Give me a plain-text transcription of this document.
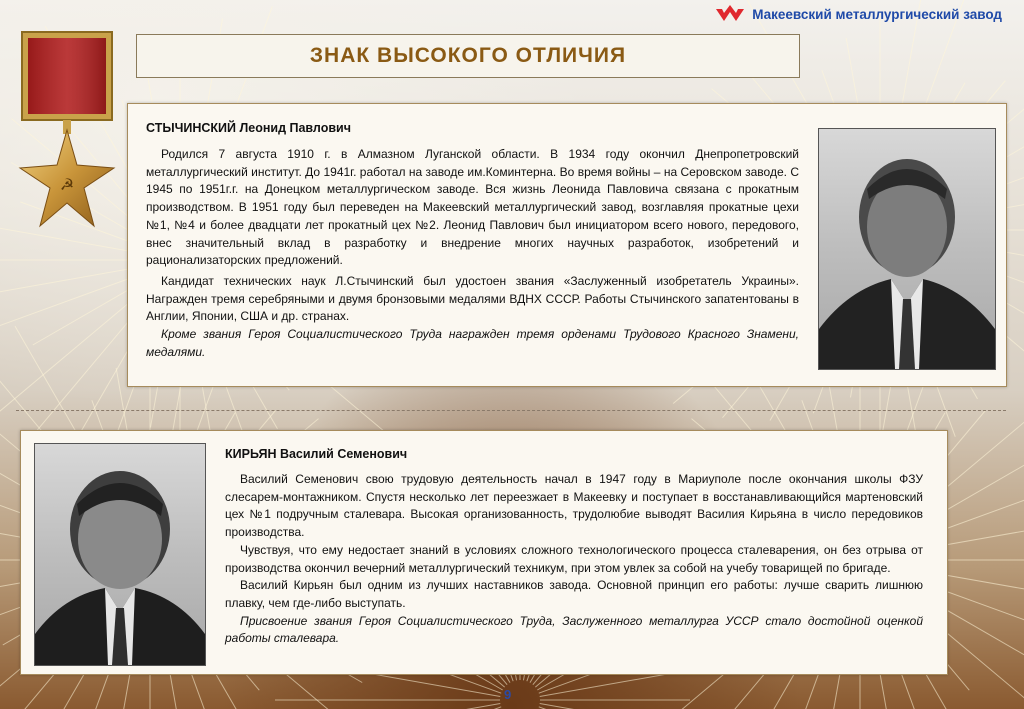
Макеевский металлургический завод
☭
ЗНАК ВЫСОКОГО ОТЛИЧИЯ
СТЫЧИНСКИЙ Леонид Павлович

Родился 7 августа 1910 г. в Алмазном Луганской области. В 1934 году окончил Днепропетровский металлургический институт. До 1941г. работал на заводе им.Коминтерна. Во время войны – на Серовском заводе. С 1945 по 1951г.г. на Донецком металлургическом заводе. Вся жизнь Леонида Павловича связана с прокатным производством. В 1951 году был переведен на Макеевский металлургический завод, возглавляя прокатные цехи №1, №4 и более двадцати лет прокатный цех №2. Леонид Павлович был инициатором всего нового, передового, внес значительный вклад в разработку и внедрение многих научных разработок, изобретений и рационализаторских предложений.

Кандидат технических наук Л.Стычинский был удостоен звания «Заслуженный изобретатель Украины». Награжден тремя серебряными и двумя бронзовыми медалями ВДНХ СССР. Работы Стычинского запатентованы в Англии, Японии, США и др. странах.

Кроме звания Героя Социалистического Труда награжден тремя орденами Трудового Красного Знамени, медалями.

КИРЬЯН Василий Семенович

Василий Семенович свою трудовую деятельность начал в 1947 году в Мариуполе после окончания школы ФЗУ слесарем-монтажником. Спустя несколько лет переезжает в Макеевку и поступает в восстанавливающийся мартеновский цех №1 подручным сталевара. Высокая организованность, трудолюбие выводят Василия Кирьяна в число передовиков производства.

Чувствуя, что ему недостает знаний в условиях сложного технологического процесса сталеварения, он без отрыва от производства окончил вечерний металлургический техникум, при этом увлек за собой на учебу товарищей по бригаде.

Василий Кирьян был одним из лучших наставников завода. Основной принцип его работы: лучше сварить лишнюю плавку, чем где-либо выступать.

Присвоение звания Героя Социалистического Труда, Заслуженного металлурга УССР стало достойной оценкой работы сталевара.

9
